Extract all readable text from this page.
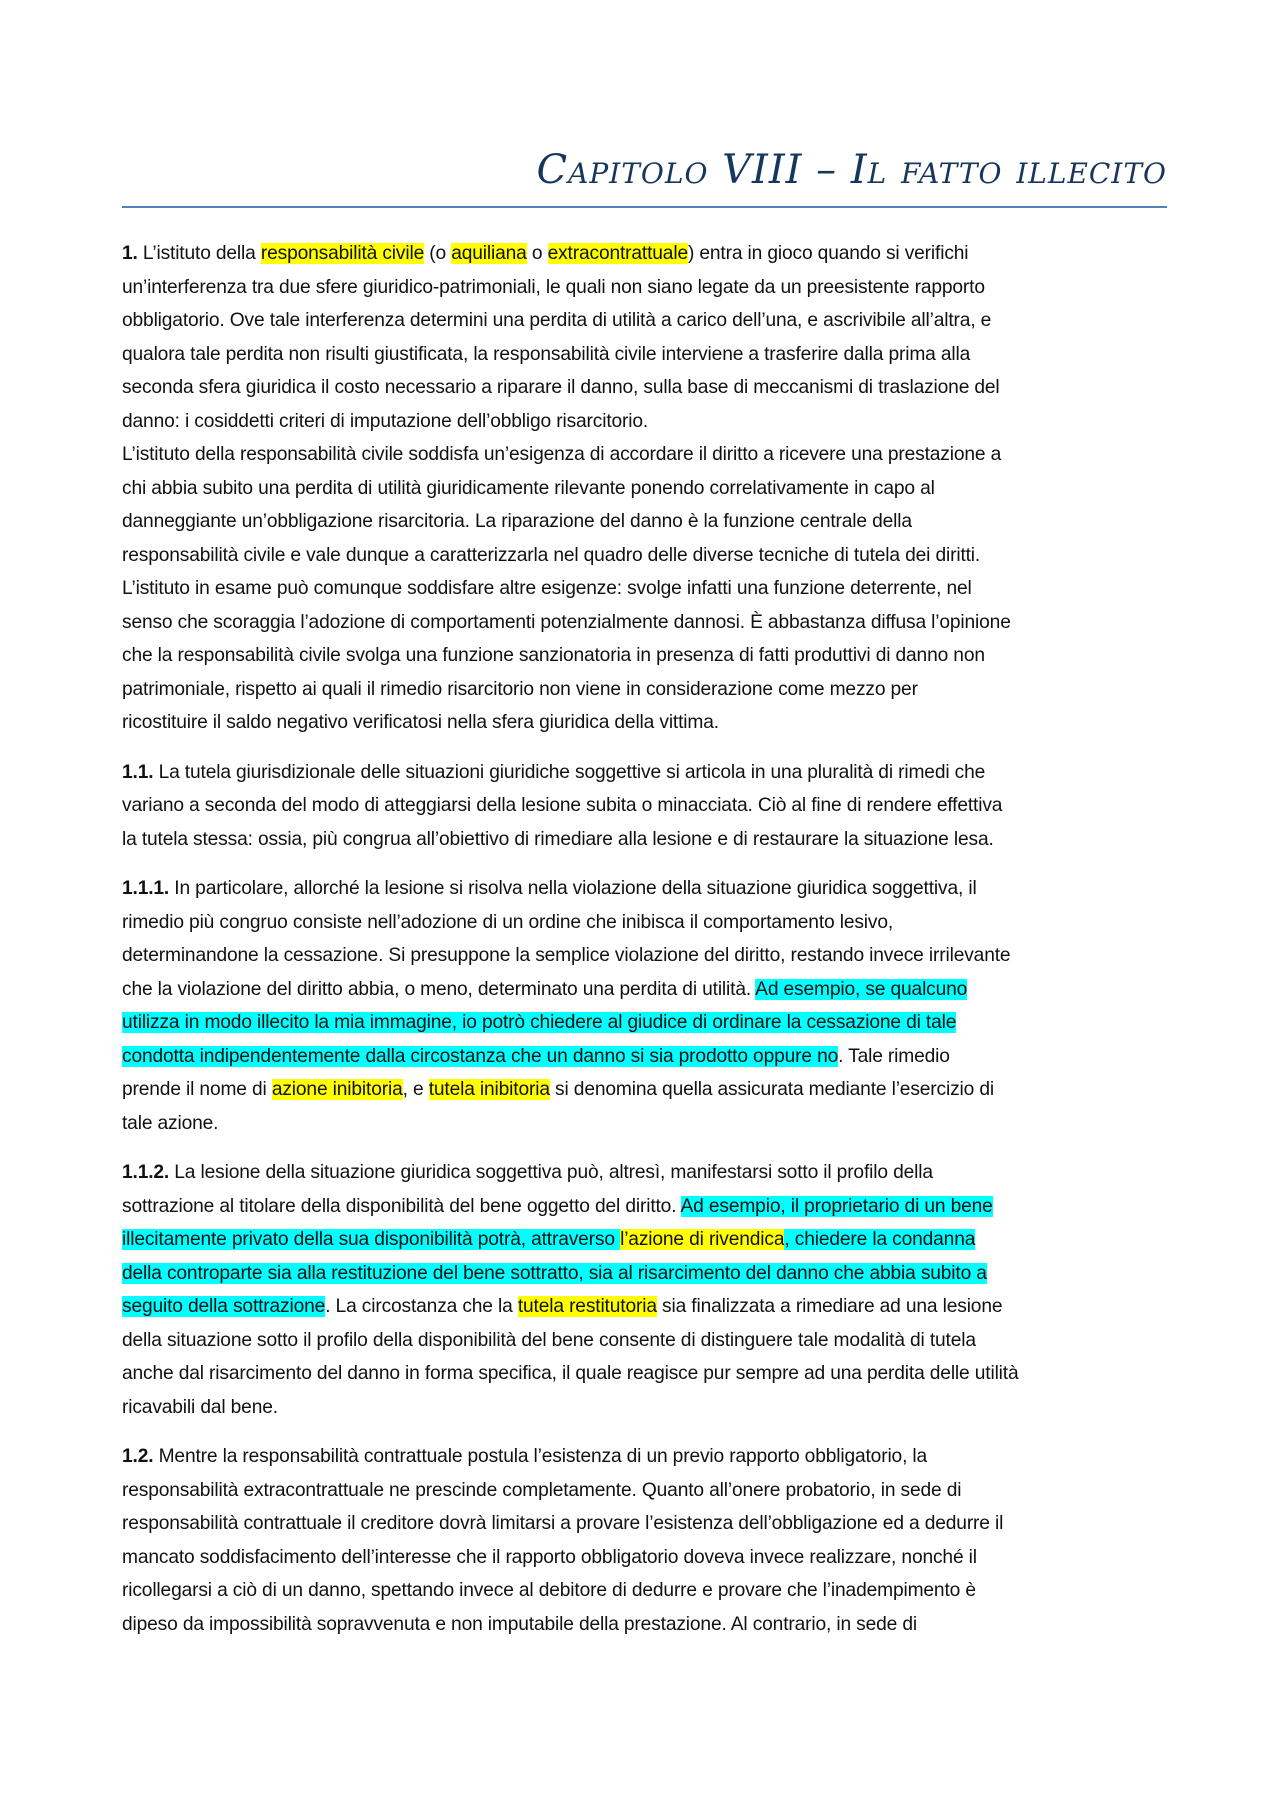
Capitolo VIII – Il fatto illecito

1. L’istituto della responsabilità civile (o aquiliana o extracontrattuale) entra in gioco quando si verifichi
un’interferenza tra due sfere giuridico-patrimoniali, le quali non siano legate da un preesistente rapporto
obbligatorio. Ove tale interferenza determini una perdita di utilità a carico dell’una, e ascrivibile all’altra, e
qualora tale perdita non risulti giustificata, la responsabilità civile interviene a trasferire dalla prima alla
seconda sfera giuridica il costo necessario a riparare il danno, sulla base di meccanismi di traslazione del
danno: i cosiddetti criteri di imputazione dell’obbligo risarcitorio.

L’istituto della responsabilità civile soddisfa un’esigenza di accordare il diritto a ricevere una prestazione a
chi abbia subito una perdita di utilità giuridicamente rilevante ponendo correlativamente in capo al
danneggiante un’obbligazione risarcitoria. La riparazione del danno è la funzione centrale della
responsabilità civile e vale dunque a caratterizzarla nel quadro delle diverse tecniche di tutela dei diritti.
L’istituto in esame può comunque soddisfare altre esigenze: svolge infatti una funzione deterrente, nel
senso che scoraggia l’adozione di comportamenti potenzialmente dannosi. È abbastanza diffusa l’opinione
che la responsabilità civile svolga una funzione sanzionatoria in presenza di fatti produttivi di danno non
patrimoniale, rispetto ai quali il rimedio risarcitorio non viene in considerazione come mezzo per
ricostituire il saldo negativo verificatosi nella sfera giuridica della vittima.

1.1. La tutela giurisdizionale delle situazioni giuridiche soggettive si articola in una pluralità di rimedi che
variano a seconda del modo di atteggiarsi della lesione subita o minacciata. Ciò al fine di rendere effettiva
la tutela stessa: ossia, più congrua all’obiettivo di rimediare alla lesione e di restaurare la situazione lesa.

1.1.1. In particolare, allorché la lesione si risolva nella violazione della situazione giuridica soggettiva, il
rimedio più congruo consiste nell’adozione di un ordine che inibisca il comportamento lesivo,
determinandone la cessazione. Si presuppone la semplice violazione del diritto, restando invece irrilevante
che la violazione del diritto abbia, o meno, determinato una perdita di utilità. Ad esempio, se qualcuno
utilizza in modo illecito la mia immagine, io potrò chiedere al giudice di ordinare la cessazione di tale
condotta indipendentemente dalla circostanza che un danno si sia prodotto oppure no. Tale rimedio
prende il nome di azione inibitoria, e tutela inibitoria si denomina quella assicurata mediante l’esercizio di
tale azione.

1.1.2. La lesione della situazione giuridica soggettiva può, altresì, manifestarsi sotto il profilo della
sottrazione al titolare della disponibilità del bene oggetto del diritto. Ad esempio, il proprietario di un bene
illecitamente privato della sua disponibilità potrà, attraverso l’azione di rivendica, chiedere la condanna
della controparte sia alla restituzione del bene sottratto, sia al risarcimento del danno che abbia subito a
seguito della sottrazione. La circostanza che la tutela restitutoria sia finalizzata a rimediare ad una lesione
della situazione sotto il profilo della disponibilità del bene consente di distinguere tale modalità di tutela
anche dal risarcimento del danno in forma specifica, il quale reagisce pur sempre ad una perdita delle utilità
ricavabili dal bene.

1.2. Mentre la responsabilità contrattuale postula l’esistenza di un previo rapporto obbligatorio, la
responsabilità extracontrattuale ne prescinde completamente. Quanto all’onere probatorio, in sede di
responsabilità contrattuale il creditore dovrà limitarsi a provare l’esistenza dell’obbligazione ed a dedurre il
mancato soddisfacimento dell’interesse che il rapporto obbligatorio doveva invece realizzare, nonché il
ricollegarsi a ciò di un danno, spettando invece al debitore di dedurre e provare che l’inadempimento è
dipeso da impossibilità sopravvenuta e non imputabile della prestazione. Al contrario, in sede di
